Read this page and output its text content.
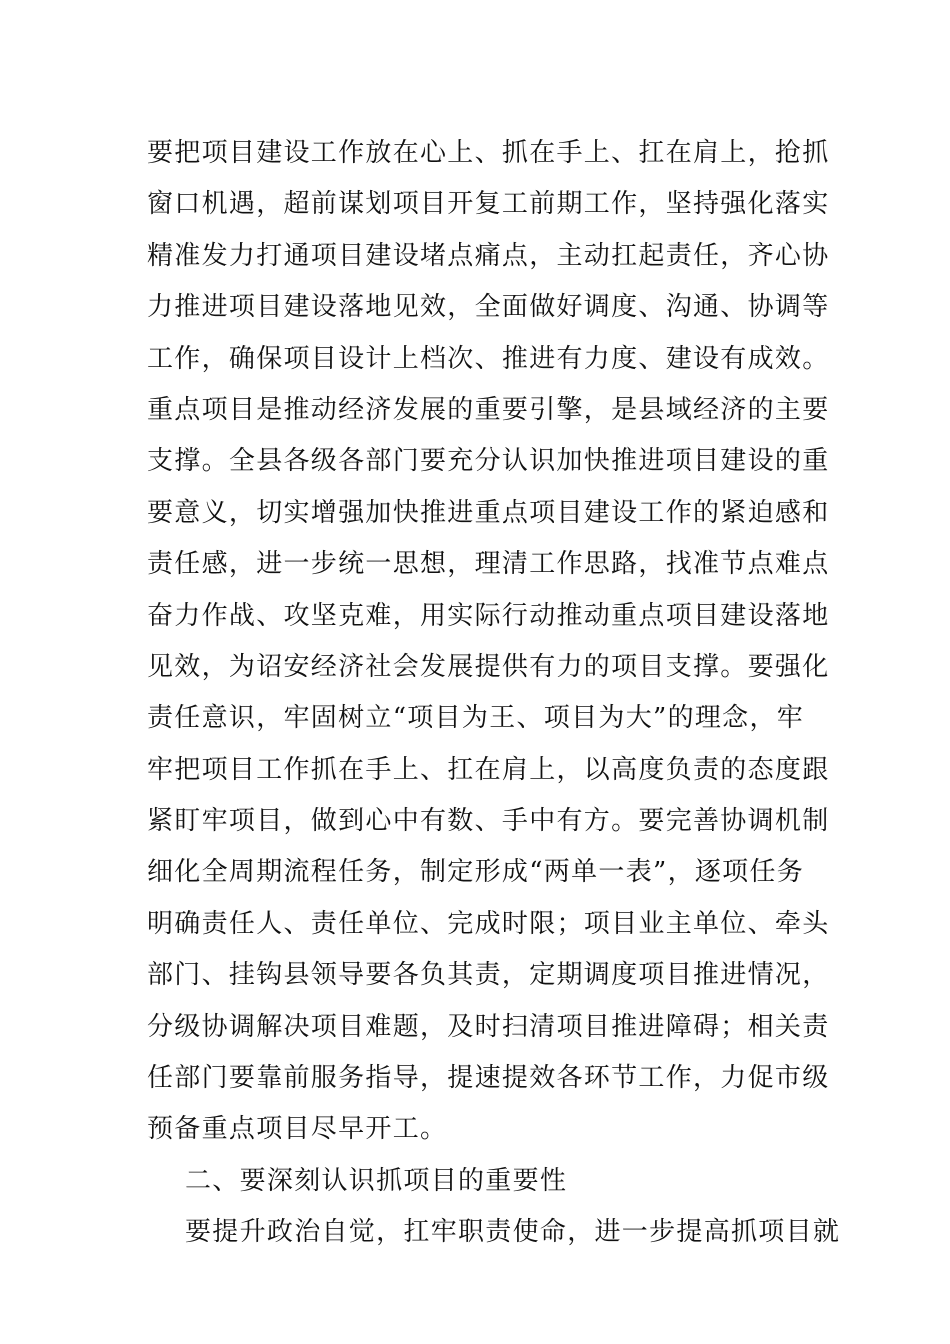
要把项目建设工作放在心上、抓在手上、扛在肩上，抢抓
窗口机遇，超前谋划项目开复工前期工作，坚持强化落实
精准发力打通项目建设堵点痛点，主动扛起责任，齐心协
力推进项目建设落地见效，全面做好调度、沟通、协调等
工作，确保项目设计上档次、推进有力度、建设有成效。
重点项目是推动经济发展的重要引擎，是县域经济的主要
支撑。全县各级各部门要充分认识加快推进项目建设的重
要意义，切实增强加快推进重点项目建设工作的紧迫感和
责任感，进一步统一思想，理清工作思路，找准节点难点
奋力作战、攻坚克难，用实际行动推动重点项目建设落地
见效，为诏安经济社会发展提供有力的项目支撑。要强化
责任意识，牢固树立“项目为王、项目为大”的理念，牢
牢把项目工作抓在手上、扛在肩上，以高度负责的态度跟
紧盯牢项目，做到心中有数、手中有方。要完善协调机制
细化全周期流程任务，制定形成“两单一表”，逐项任务
明确责任人、责任单位、完成时限；项目业主单位、牵头
部门、挂钩县领导要各负其责，定期调度项目推进情况，
分级协调解决项目难题，及时扫清项目推进障碍；相关责
任部门要靠前服务指导，提速提效各环节工作，力促市级
预备重点项目尽早开工。
二、要深刻认识抓项目的重要性
要提升政治自觉，扛牢职责使命，进一步提高抓项目就
